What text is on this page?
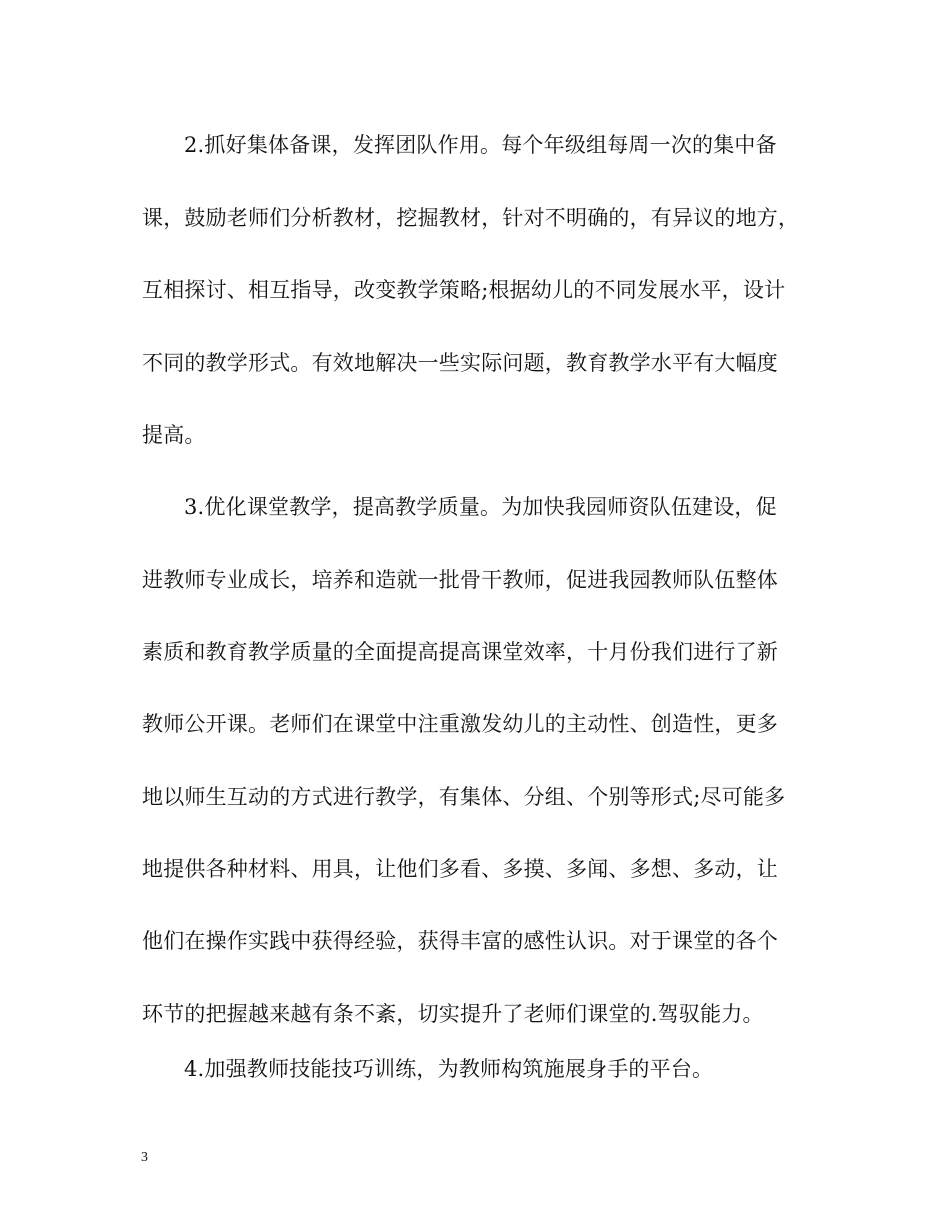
2.抓好集体备课，发挥团队作用。每个年级组每周一次的集中备
课，鼓励老师们分析教材，挖掘教材，针对不明确的，有异议的地方，
互相探讨、相互指导，改变教学策略;根据幼儿的不同发展水平，设计
不同的教学形式。有效地解决一些实际问题，教育教学水平有大幅度
提高。
3.优化课堂教学，提高教学质量。为加快我园师资队伍建设，促
进教师专业成长，培养和造就一批骨干教师，促进我园教师队伍整体
素质和教育教学质量的全面提高提高课堂效率，十月份我们进行了新
教师公开课。老师们在课堂中注重激发幼儿的主动性、创造性，更多
地以师生互动的方式进行教学，有集体、分组、个别等形式;尽可能多
地提供各种材料、用具，让他们多看、多摸、多闻、多想、多动，让
他们在操作实践中获得经验，获得丰富的感性认识。对于课堂的各个
环节的把握越来越有条不紊，切实提升了老师们课堂的.驾驭能力。
4.加强教师技能技巧训练，为教师构筑施展身手的平台。
3
